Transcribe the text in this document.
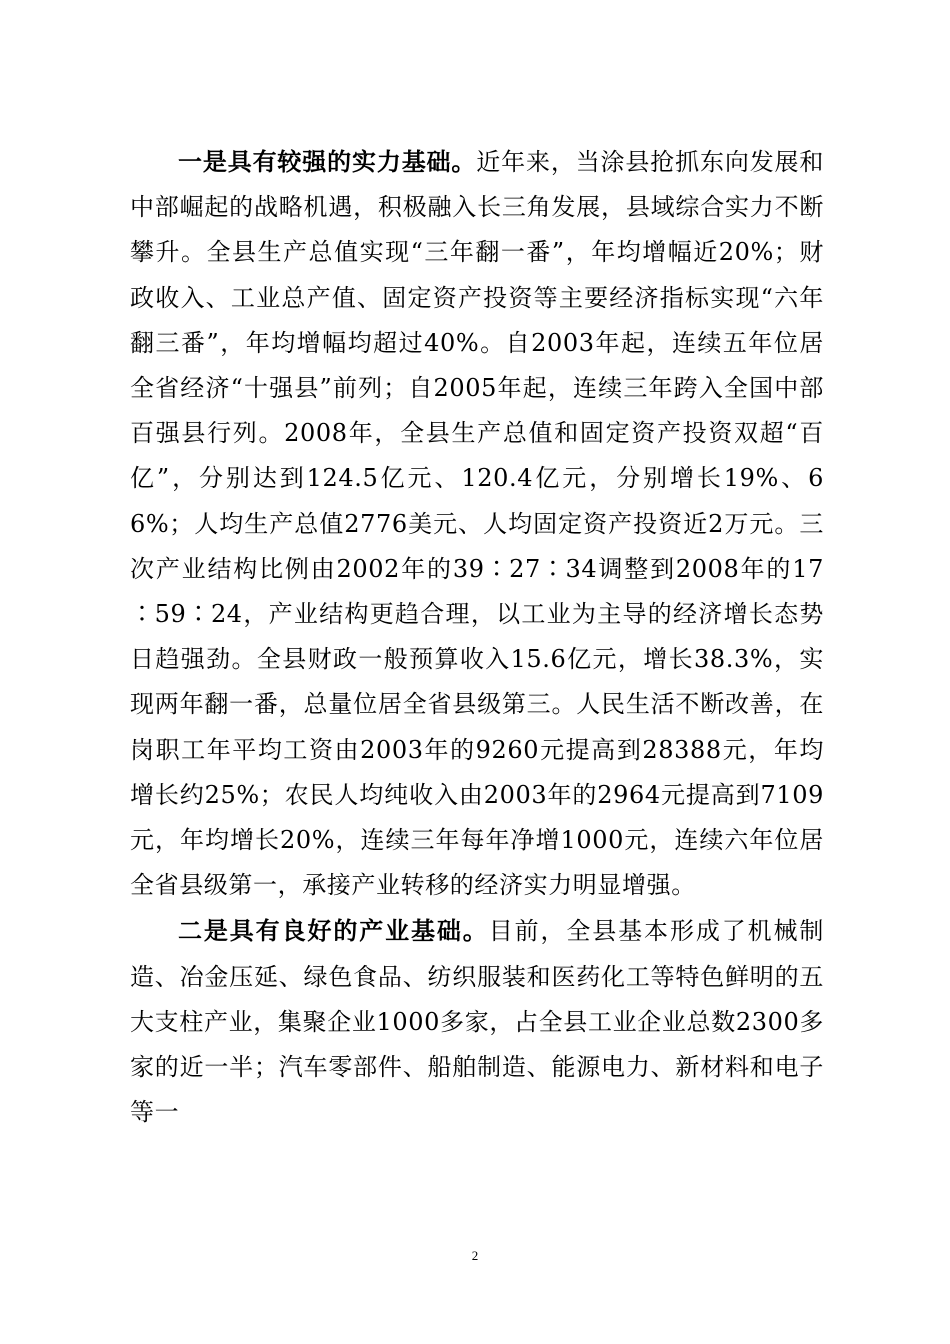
一是具有较强的实力基础。近年来，当涂县抢抓东向发展和中部崛起的战略机遇，积极融入长三角发展，县域综合实力不断攀升。全县生产总值实现“三年翻一番”，年均增幅近20%；财政收入、工业总产值、固定资产投资等主要经济指标实现“六年翻三番”，年均增幅均超过40%。自2003年起，连续五年位居全省经济“十强县”前列；自2005年起，连续三年跨入全国中部百强县行列。2008年，全县生产总值和固定资产投资双超“百亿”，分别达到124.5亿元、120.4亿元，分别增长19%、66%；人均生产总值2776美元、人均固定资产投资近2万元。三次产业结构比例由2002年的39∶27∶34调整到2008年的17∶59∶24，产业结构更趋合理，以工业为主导的经济增长态势日趋强劲。全县财政一般预算收入15.6亿元，增长38.3%，实现两年翻一番，总量位居全省县级第三。人民生活不断改善，在岗职工年平均工资由2003年的9260元提高到28388元，年均增长约25%；农民人均纯收入由2003年的2964元提高到7109元，年均增长20%，连续三年每年净增1000元，连续六年位居全省县级第一，承接产业转移的经济实力明显增强。

二是具有良好的产业基础。目前，全县基本形成了机械制造、冶金压延、绿色食品、纺织服装和医药化工等特色鲜明的五大支柱产业，集聚企业1000多家，占全县工业企业总数2300多家的近一半；汽车零部件、船舶制造、能源电力、新材料和电子等一

2
